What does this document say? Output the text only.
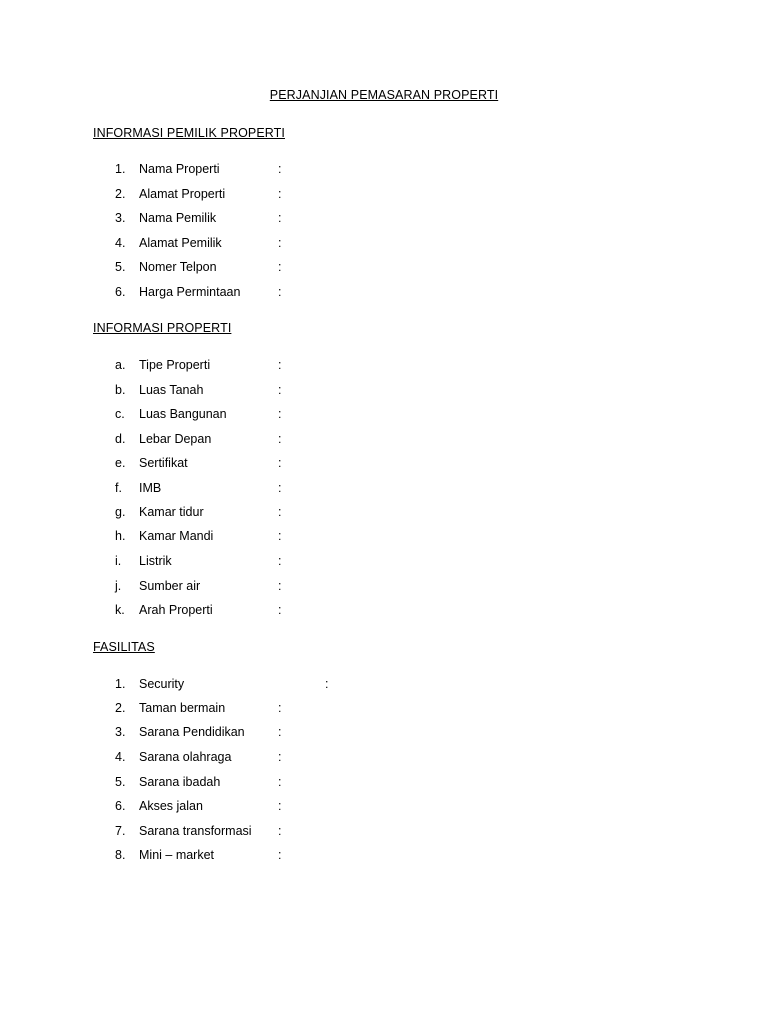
PERJANJIAN PEMASARAN PROPERTI
INFORMASI PEMILIK PROPERTI
1. Nama Properti	:
2. Alamat Properti	:
3. Nama Pemilik	:
4. Alamat Pemilik	:
5. Nomer Telpon	:
6. Harga Permintaan	:
INFORMASI PROPERTI
a. Tipe Properti	:
b. Luas Tanah	:
c. Luas Bangunan	:
d. Lebar Depan	:
e. Sertifikat	:
f. IMB	:
g. Kamar tidur	:
h. Kamar Mandi	:
i. Listrik	:
j. Sumber air	:
k. Arah Properti	:
FASILITAS
1. Security	:
2. Taman bermain	:
3. Sarana Pendidikan	:
4. Sarana olahraga	:
5. Sarana ibadah	:
6. Akses jalan	:
7. Sarana transformasi :
8. Mini – market	:
